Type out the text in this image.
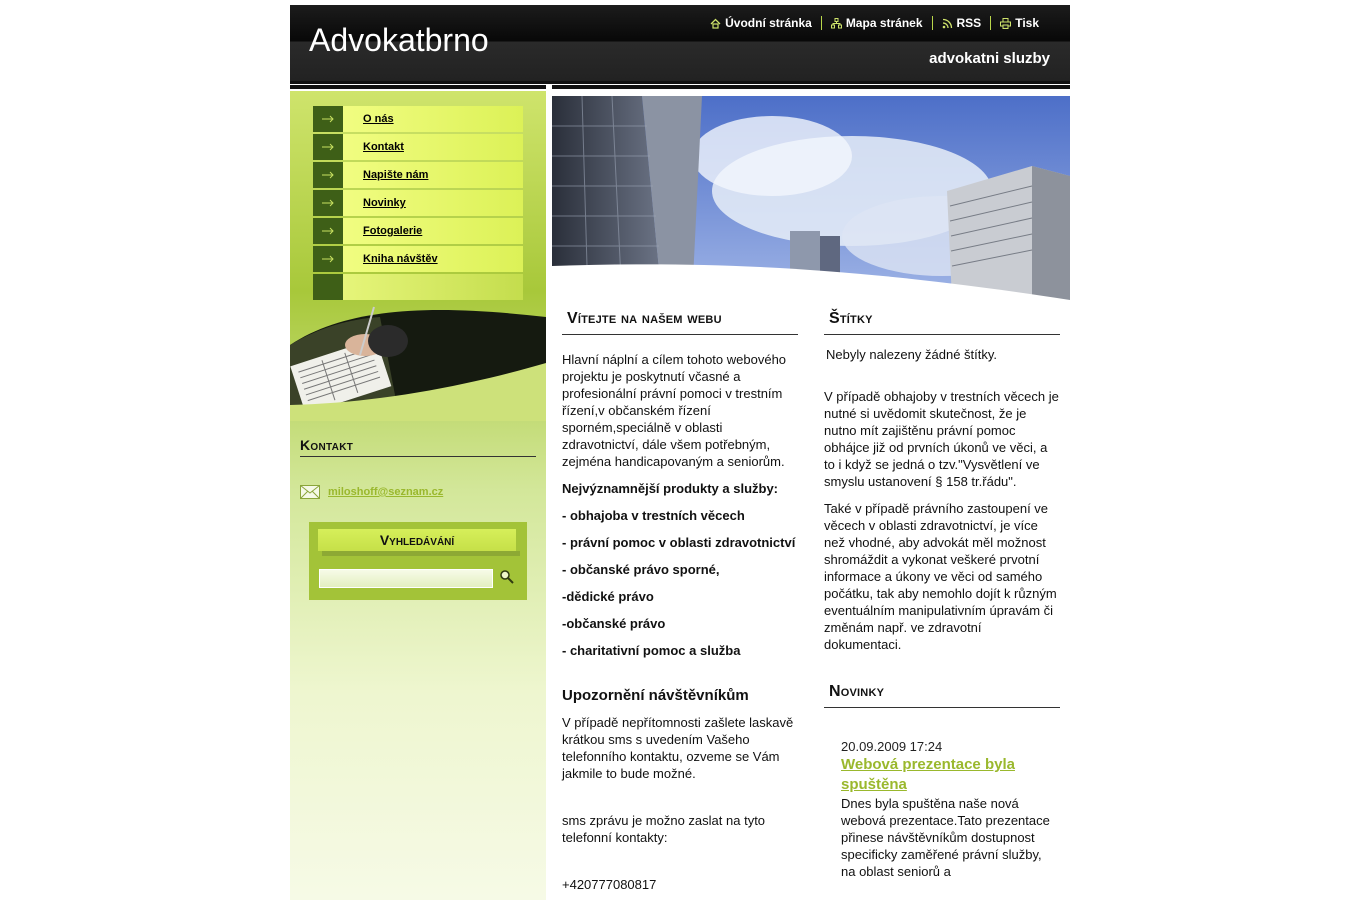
Advokatbrno	Úvodní stránka	Mapa stránek	RSS	Tisk
advokatni sluzby
O nás
Kontakt
Napište nám
Novinky
Fotogalerie
Kniha návštěv
Kontakt
miloshoff@seznam.cz
Vyhledávání
Vítejte na našem webu

Hlavní náplní a cílem tohoto webového projektu je poskytnutí včasné a profesionální právní pomoci v trestním řízení,v občanském řízení sporném,speciálně v oblasti zdravotnictví, dále všem potřebným, zejména handicapovaným a seniorům.

Nejvýznamnější produkty a služby:

- obhajoba v trestních věcech

- právní pomoc v oblasti zdravotnictví

- občanské právo sporné,

-dědické právo

-občanské právo

- charitativní pomoc a služba

Upozornění návštěvníkům

V případě nepřítomnosti zašlete laskavě krátkou sms s uvedením Vašeho telefonního kontaktu, ozveme se Vám jakmile to bude možné.

sms zprávu je možno zaslat na tyto telefonní kontakty:

+420777080817

Štítky

Nebyly nalezeny žádné štítky.

V případě obhajoby v trestních věcech je nutné si uvědomit skutečnost, že je nutno mít zajištěnu právní pomoc obhájce již od prvních úkonů ve věci, a to i když se jedná o tzv."Vysvětlení ve smyslu ustanovení § 158 tr.řádu".

Také v případě právního zastoupení ve věcech v oblasti zdravotnictví, je více než vhodné, aby advokát měl možnost shromáždit a vykonat veškeré prvotní informace a úkony ve věci od samého počátku, tak aby nemohlo dojít k různým eventuálním manipulativním úpravám či změnám např. ve zdravotní dokumentaci.

Novinky

20.09.2009 17:24

Webová prezentace byla spuštěna

Dnes byla spuštěna naše nová webová prezentace.Tato prezentace přinese návštěvníkům dostupnost specificky zaměřené právní služby, na oblast seniorů a
